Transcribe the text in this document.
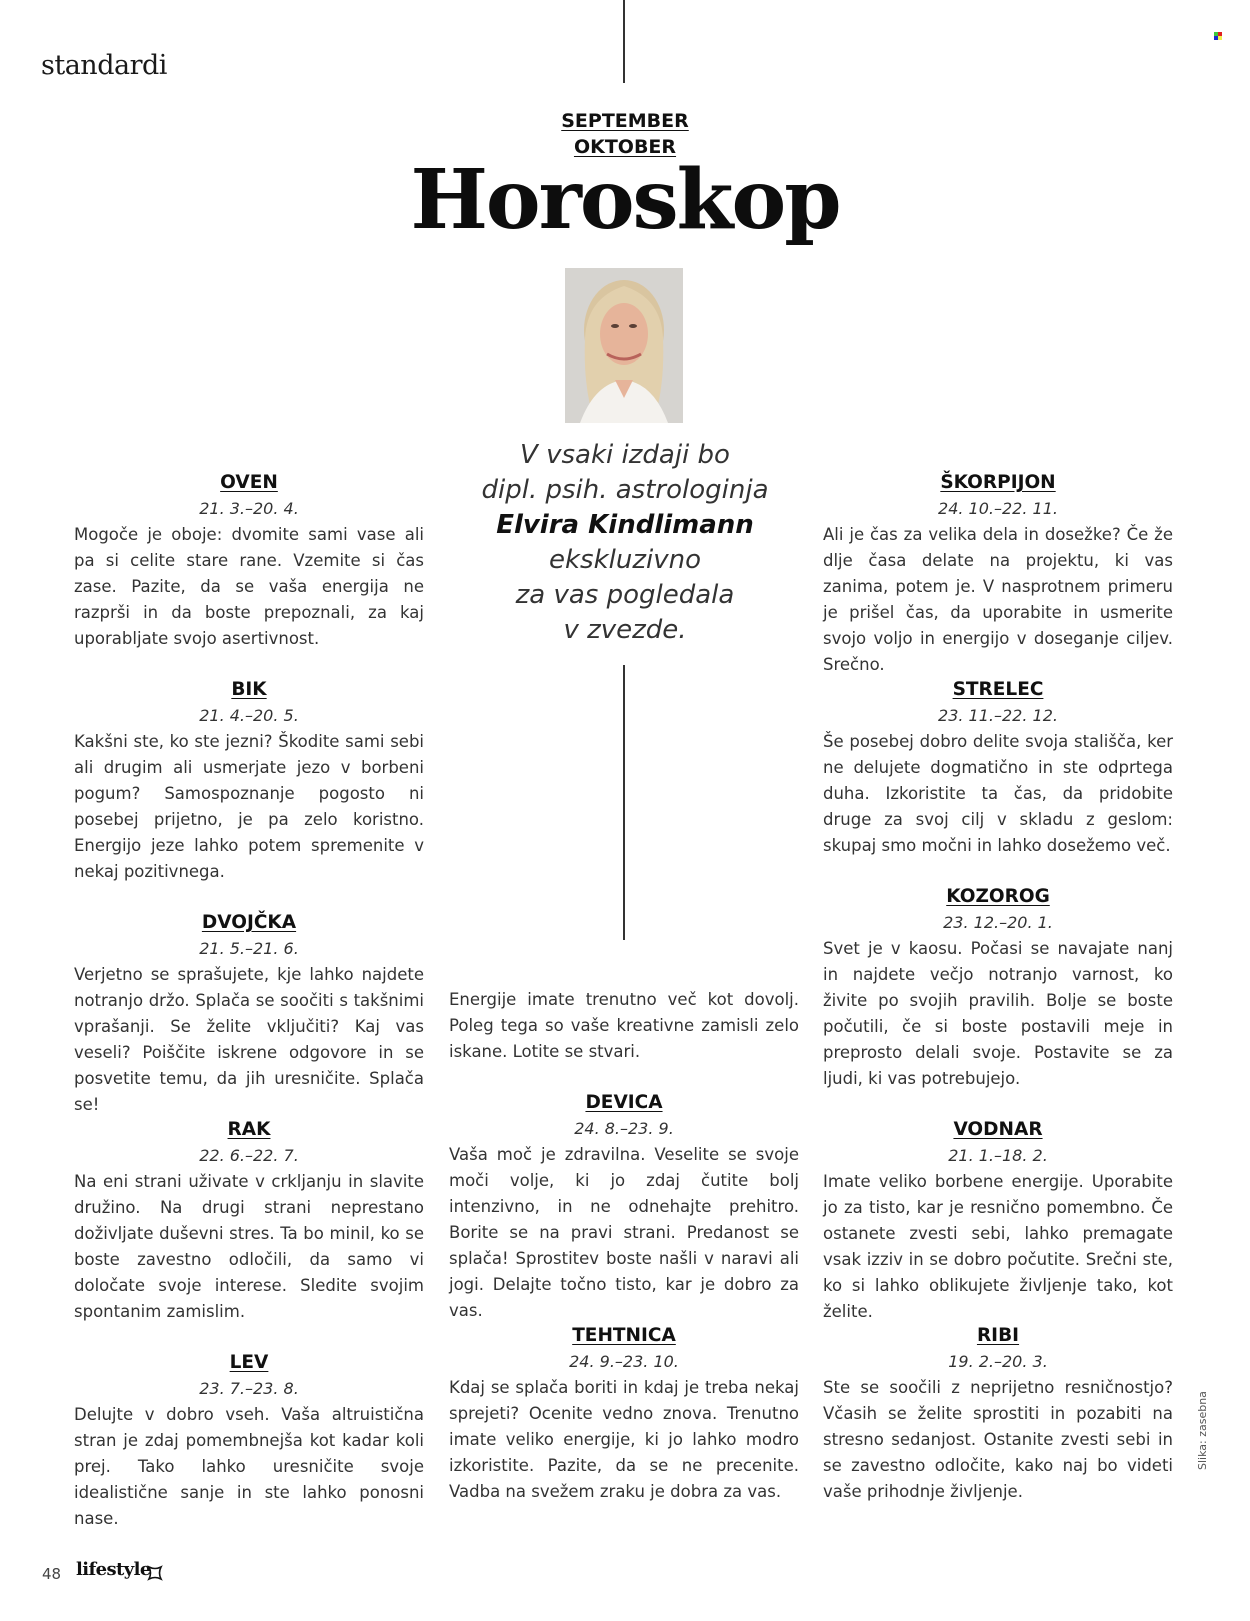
standardi
SEPTEMBER
OKTOBER
Horoskop
V vsaki izdaji bo
dipl. psih. astrologinja
Elvira Kindlimann
ekskluzivno
za vas pogledala
v zvezde.
OVEN
21. 3.–20. 4.

Mogoče je oboje: dvomite sami vase ali pa si celite stare rane. Vzemite si čas zase. Pazite, da se vaša energija ne razprši in da boste prepoznali, za kaj uporabljate svojo asertivnost.

BIK
21. 4.–20. 5.

Kakšni ste, ko ste jezni? Škodite sami sebi ali drugim ali usmerjate jezo v borbeni pogum? Samospoznanje pogosto ni posebej prijetno, je pa zelo koristno. Energijo jeze lahko potem spremenite v nekaj pozitivnega.

DVOJČKA
21. 5.–21. 6.

Verjetno se sprašujete, kje lahko najdete notranjo držo. Splača se soočiti s takšnimi vprašanji. Se želite vključiti? Kaj vas veseli? Poiščite iskrene odgovore in se posvetite temu, da jih uresničite. Splača se!

RAK
22. 6.–22. 7.

Na eni strani uživate v crkljanju in slavite družino. Na drugi strani neprestano doživljate duševni stres. Ta bo minil, ko se boste zavestno odločili, da samo vi določate svoje interese. Sledite svojim spontanim zamislim.

LEV
23. 7.–23. 8.

Delujte v dobro vseh. Vaša altruistična stran je zdaj pomembnejša kot kadar koli prej. Tako lahko uresničite svoje idealistične sanje in ste lahko ponosni nase.

Energije imate trenutno več kot dovolj. Poleg tega so vaše kreativne zamisli zelo iskane. Lotite se stvari.

DEVICA
24. 8.–23. 9.

Vaša moč je zdravilna. Veselite se svoje moči volje, ki jo zdaj čutite bolj intenzivno, in ne odnehajte prehitro. Borite se na pravi strani. Predanost se splača! Sprostitev boste našli v naravi ali jogi. Delajte točno tisto, kar je dobro za vas.

TEHTNICA
24. 9.–23. 10.

Kdaj se splača boriti in kdaj je treba nekaj sprejeti? Ocenite vedno znova. Trenutno imate veliko energije, ki jo lahko modro izkoristite. Pazite, da se ne precenite. Vadba na svežem zraku je dobra za vas.

ŠKORPIJON
24. 10.–22. 11.

Ali je čas za velika dela in dosežke? Če že dlje časa delate na projektu, ki vas zanima, potem je. V nasprotnem primeru je prišel čas, da uporabite in usmerite svojo voljo in energijo v doseganje ciljev. Srečno.

STRELEC
23. 11.–22. 12.

Še posebej dobro delite svoja stališča, ker ne delujete dogmatično in ste odprtega duha. Izkoristite ta čas, da pridobite druge za svoj cilj v skladu z geslom: skupaj smo močni in lahko dosežemo več.

KOZOROG
23. 12.–20. 1.

Svet je v kaosu. Počasi se navajate nanj in najdete večjo notranjo varnost, ko živite po svojih pravilih. Bolje se boste počutili, če si boste postavili meje in preprosto delali svoje. Postavite se za ljudi, ki vas potrebujejo.

VODNAR
21. 1.–18. 2.

Imate veliko borbene energije. Uporabite jo za tisto, kar je resnično pomembno. Če ostanete zvesti sebi, lahko premagate vsak izziv in se dobro počutite. Srečni ste, ko si lahko oblikujete življenje tako, kot želite.

RIBI
19. 2.–20. 3.

Ste se soočili z neprijetno resničnostjo? Včasih se želite sprostiti in pozabiti na stresno sedanjost. Ostanite zvesti sebi in se zavestno odločite, kako naj bo videti vaše prihodnje življenje.

Slika: zasebna
48 lifestyle
